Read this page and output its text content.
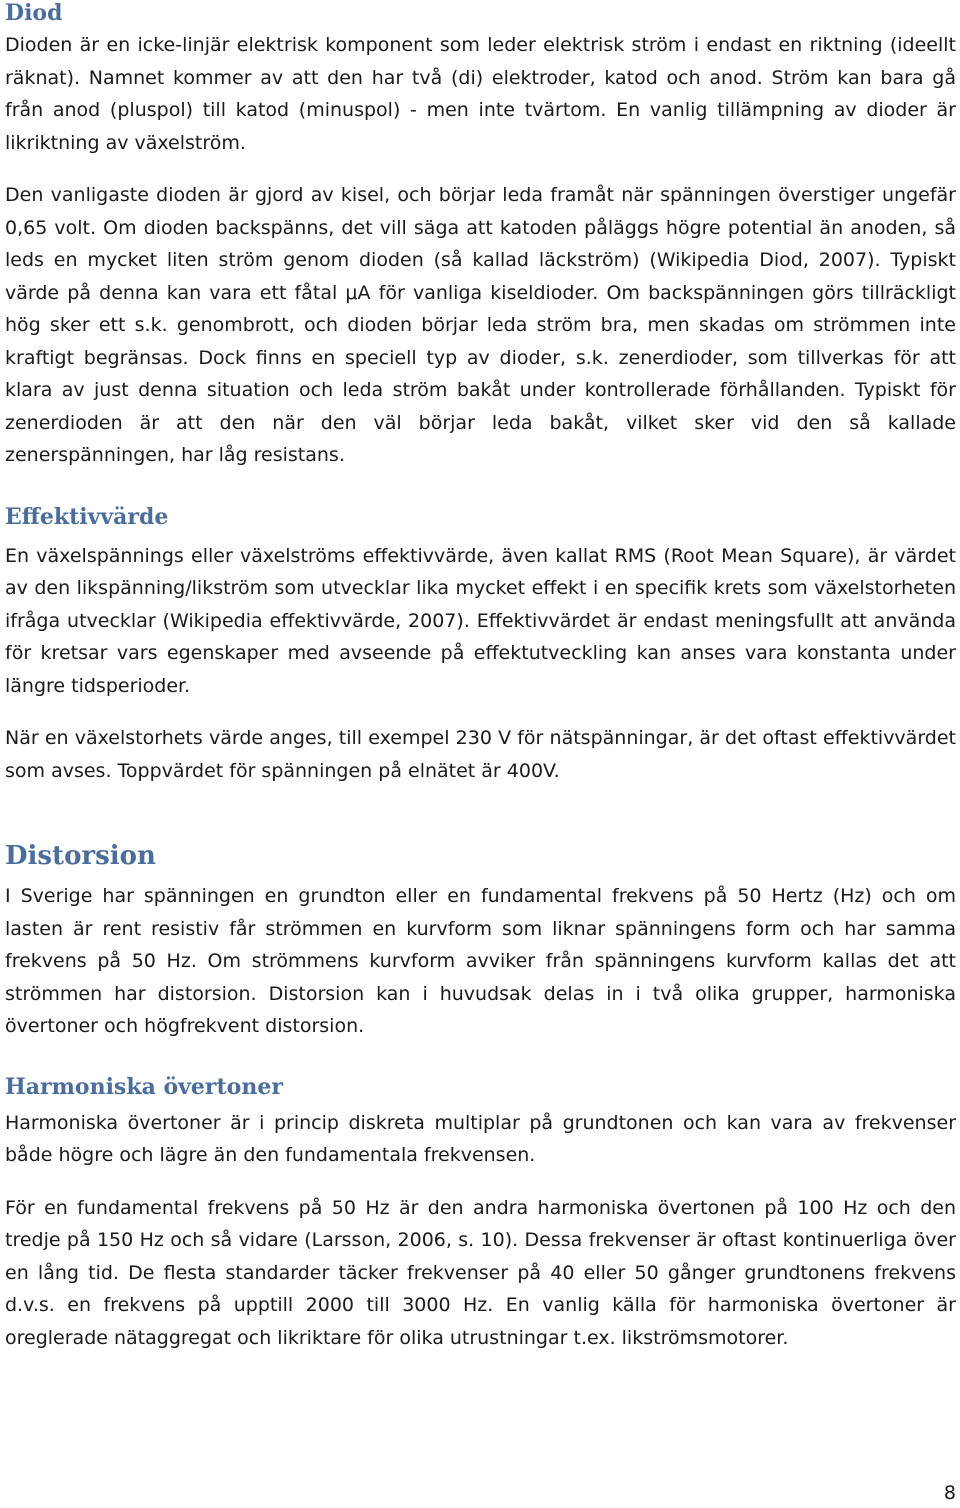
Diod

Dioden är en icke-linjär elektrisk komponent som leder elektrisk ström i endast en riktning (ideellt räknat). Namnet kommer av att den har två (di) elektroder, katod och anod. Ström kan bara gå från anod (pluspol) till katod (minuspol) - men inte tvärtom. En vanlig tillämpning av dioder är likriktning av växelström.

Den vanligaste dioden är gjord av kisel, och börjar leda framåt när spänningen överstiger ungefär 0,65 volt. Om dioden backspänns, det vill säga att katoden påläggs högre potential än anoden, så leds en mycket liten ström genom dioden (så kallad läckström) (Wikipedia Diod, 2007). Typiskt värde på denna kan vara ett fåtal μA för vanliga kiseldioder. Om backspänningen görs tillräckligt hög sker ett s.k. genombrott, och dioden börjar leda ström bra, men skadas om strömmen inte kraftigt begränsas. Dock finns en speciell typ av dioder, s.k. zenerdioder, som tillverkas för att klara av just denna situation och leda ström bakåt under kontrollerade förhållanden. Typiskt för zenerdioden är att den när den väl börjar leda bakåt, vilket sker vid den så kallade zenerspänningen, har låg resistans.

Effektivvärde

En växelspännings eller växelströms effektivvärde, även kallat RMS (Root Mean Square), är värdet av den likspänning/likström som utvecklar lika mycket effekt i en specifik krets som växelstorheten ifråga utvecklar (Wikipedia effektivvärde, 2007). Effektivvärdet är endast meningsfullt att använda för kretsar vars egenskaper med avseende på effektutveckling kan anses vara konstanta under längre tidsperioder.

När en växelstorhets värde anges, till exempel 230 V för nätspänningar, är det oftast effektivvärdet som avses. Toppvärdet för spänningen på elnätet är 400V.

Distorsion

I Sverige har spänningen en grundton eller en fundamental frekvens på 50 Hertz (Hz) och om lasten är rent resistiv får strömmen en kurvform som liknar spänningens form och har samma frekvens på 50 Hz. Om strömmens kurvform avviker från spänningens kurvform kallas det att strömmen har distorsion. Distorsion kan i huvudsak delas in i två olika grupper, harmoniska övertoner och högfrekvent distorsion.

Harmoniska övertoner

Harmoniska övertoner är i princip diskreta multiplar på grundtonen och kan vara av frekvenser både högre och lägre än den fundamentala frekvensen.

För en fundamental frekvens på 50 Hz är den andra harmoniska övertonen på 100 Hz och den tredje på 150 Hz och så vidare (Larsson, 2006, s. 10). Dessa frekvenser är oftast kontinuerliga över en lång tid. De flesta standarder täcker frekvenser på 40 eller 50 gånger grundtonens frekvens d.v.s. en frekvens på upptill 2000 till 3000 Hz. En vanlig källa för harmoniska övertoner är oreglerade nätaggregat och likriktare för olika utrustningar t.ex. likströmsmotorer.

8
